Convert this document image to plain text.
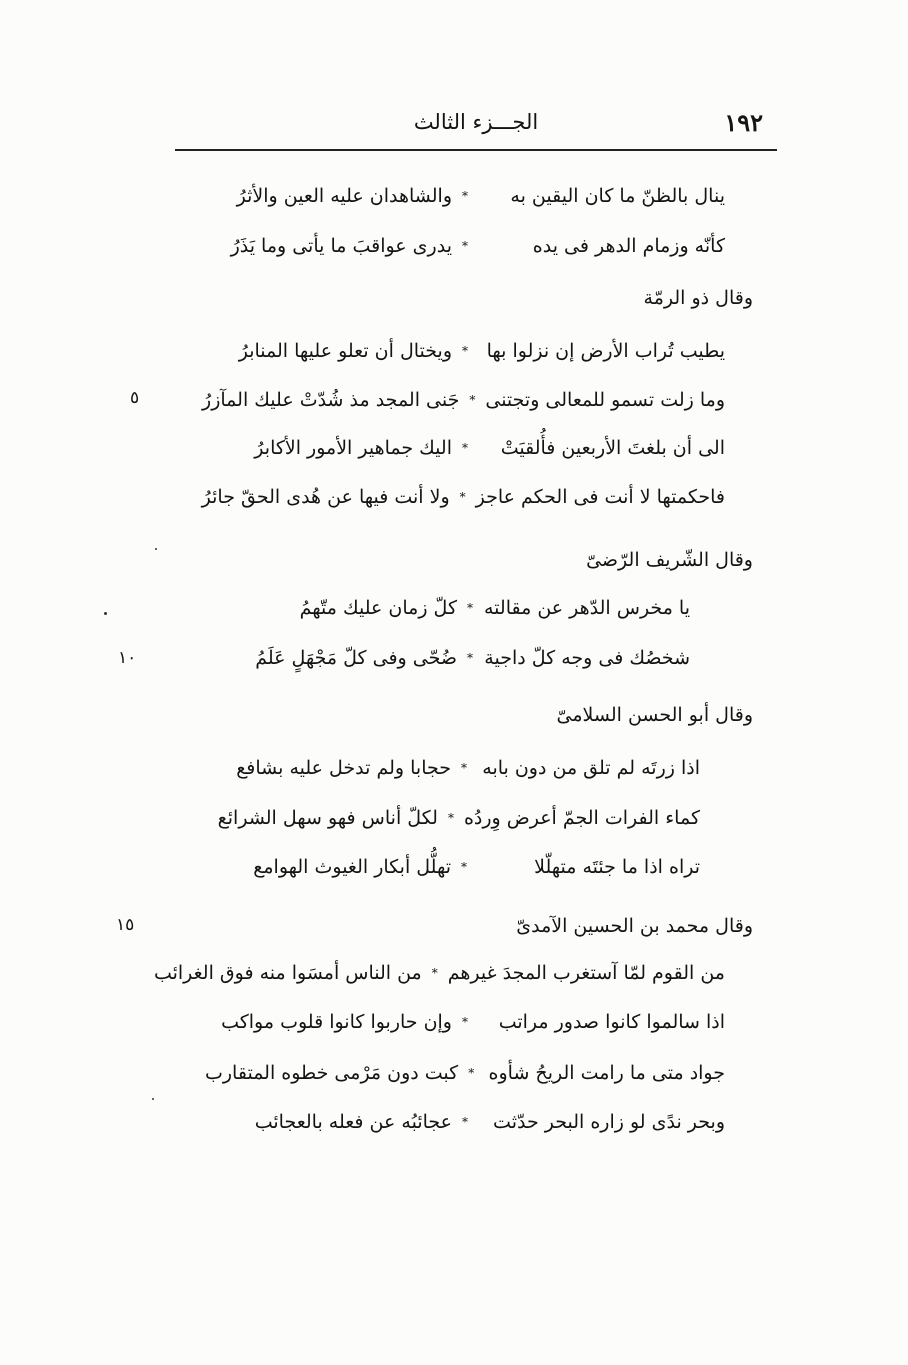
١٩٢
الجـــزء الثالث
ينال بالظنّ ما كان اليقين به
*
والشاهدان عليه العين والأثرُ
كأنّه وزمام الدهر فى يده
*
يدرى عواقبَ ما يأتى وما يَذَرُ
وقال ذو الرمّة
يطيب تُراب الأرض إن نزلوا بها
*
ويختال أن تعلو عليها المنابرُ
وما زلت تسمو للمعالى وتجتنى
*
جَنى المجد مذ شُدّتْ عليك المآزرُ
الى أن بلغتَ الأربعين فأُلقيَتْ
*
اليك جماهير الأمور الأكابرُ
فاحكمتها لا أنت فى الحكم عاجز
*
ولا أنت فيها عن هُدى الحقّ جائرُ
وقال الشّريف الرّضىّ
يا مخرس الدّهر عن مقالته
*
كلّ زمان عليك متّهمُ
شخصُك فى وجه كلّ داجية
*
ضُحّى وفى كلّ مَجْهَلٍ عَلَمُ
وقال أبو الحسن السلامىّ
اذا زرتَه لم تلق من دون بابه
*
حجابا ولم تدخل عليه بشافع
كماء الفرات الجمّ أعرض وِردُه
*
لكلّ أناس فهو سهل الشرائع
تراه اذا ما جئتَه متهلّلا
*
تهلُّل أبكار الغيوث الهوامع
وقال محمد بن الحسين الآمدىّ
من القوم لمّا آستغرب المجدَ غيرهم
*
من الناس أمسَوا منه فوق الغرائب
اذا سالموا كانوا صدور مراتب
*
وإن حاربوا كانوا قلوب مواكب
جواد متى ما رامت الريحُ شأوه
*
كبت دون مَرْمى خطوه المتقارب
وبحر ندًى لو زاره البحر حدّثت
*
عجائبُه عن فعله بالعجائب
٥
١٠
١٥
